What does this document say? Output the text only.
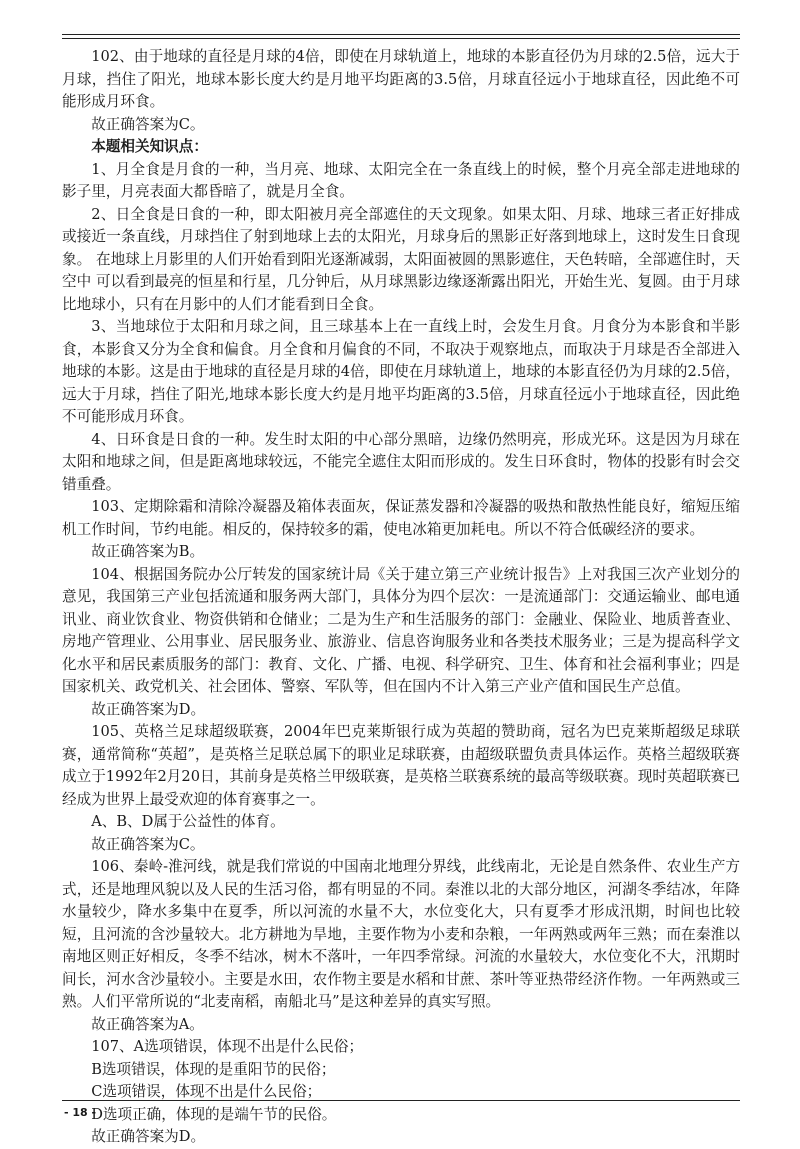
102、由于地球的直径是月球的4倍，即使在月球轨道上，地球的本影直径仍为月球的2.5倍，远大于月球，挡住了阳光，地球本影长度大约是月地平均距离的3.5倍，月球直径远小于地球直径，因此绝不可能形成月环食。

故正确答案为C。

本题相关知识点：

1、月全食是月食的一种，当月亮、地球、太阳完全在一条直线上的时候，整个月亮全部走进地球的影子里，月亮表面大都昏暗了，就是月全食。

2、日全食是日食的一种，即太阳被月亮全部遮住的天文现象。如果太阳、月球、地球三者正好排成或接近一条直线，月球挡住了射到地球上去的太阳光，月球身后的黑影正好落到地球上，这时发生日食现象。 在地球上月影里的人们开始看到阳光逐渐减弱，太阳面被圆的黑影遮住，天色转暗，全部遮住时，天空中 可以看到最亮的恒星和行星，几分钟后，从月球黑影边缘逐渐露出阳光，开始生光、复圆。由于月球比地球小，只有在月影中的人们才能看到日全食。

3、当地球位于太阳和月球之间，且三球基本上在一直线上时，会发生月食。月食分为本影食和半影食，本影食又分为全食和偏食。月全食和月偏食的不同，不取决于观察地点，而取决于月球是否全部进入地球的本影。这是由于地球的直径是月球的4倍，即使在月球轨道上，地球的本影直径仍为月球的2.5倍，远大于月球，挡住了阳光,地球本影长度大约是月地平均距离的3.5倍，月球直径远小于地球直径，因此绝不可能形成月环食。

4、日环食是日食的一种。发生时太阳的中心部分黑暗，边缘仍然明亮，形成光环。这是因为月球在太阳和地球之间，但是距离地球较远，不能完全遮住太阳而形成的。发生日环食时，物体的投影有时会交错重叠。

103、定期除霜和清除冷凝器及箱体表面灰，保证蒸发器和冷凝器的吸热和散热性能良好，缩短压缩机工作时间，节约电能。相反的，保持较多的霜，使电冰箱更加耗电。所以不符合低碳经济的要求。

故正确答案为B。

104、根据国务院办公厅转发的国家统计局《关于建立第三产业统计报告》上对我国三次产业划分的意见，我国第三产业包括流通和服务两大部门，具体分为四个层次：一是流通部门：交通运输业、邮电通讯业、商业饮食业、物资供销和仓储业；二是为生产和生活服务的部门：金融业、保险业、地质普查业、房地产管理业、公用事业、居民服务业、旅游业、信息咨询服务业和各类技术服务业；三是为提高科学文化水平和居民素质服务的部门：教育、文化、广播、电视、科学研究、卫生、体育和社会福利事业；四是国家机关、政党机关、社会团体、警察、军队等，但在国内不计入第三产业产值和国民生产总值。

故正确答案为D。

105、英格兰足球超级联赛，2004年巴克莱斯银行成为英超的赞助商，冠名为巴克莱斯超级足球联赛，通常简称“英超”，是英格兰足联总属下的职业足球联赛，由超级联盟负责具体运作。英格兰超级联赛成立于1992年2月20日，其前身是英格兰甲级联赛，是英格兰联赛系统的最高等级联赛。现时英超联赛已经成为世界上最受欢迎的体育赛事之一。

A、B、D属于公益性的体育。

故正确答案为C。

106、秦岭-淮河线，就是我们常说的中国南北地理分界线，此线南北，无论是自然条件、农业生产方式，还是地理风貌以及人民的生活习俗，都有明显的不同。秦淮以北的大部分地区，河湖冬季结冰，年降水量较少，降水多集中在夏季，所以河流的水量不大，水位变化大，只有夏季才形成汛期，时间也比较短，且河流的含沙量较大。北方耕地为旱地，主要作物为小麦和杂粮，一年两熟或两年三熟；而在秦淮以南地区则正好相反，冬季不结冰，树木不落叶，一年四季常绿。河流的水量较大，水位变化不大，汛期时间长，河水含沙量较小。主要是水田，农作物主要是水稻和甘蔗、茶叶等亚热带经济作物。一年两熟或三熟。人们平常所说的“北麦南稻，南船北马”是这种差异的真实写照。

故正确答案为A。

107、A选项错误，体现不出是什么民俗；

B选项错误，体现的是重阳节的民俗；

C选项错误，体现不出是什么民俗；

D选项正确，体现的是端午节的民俗。

故正确答案为D。

- 18 -
